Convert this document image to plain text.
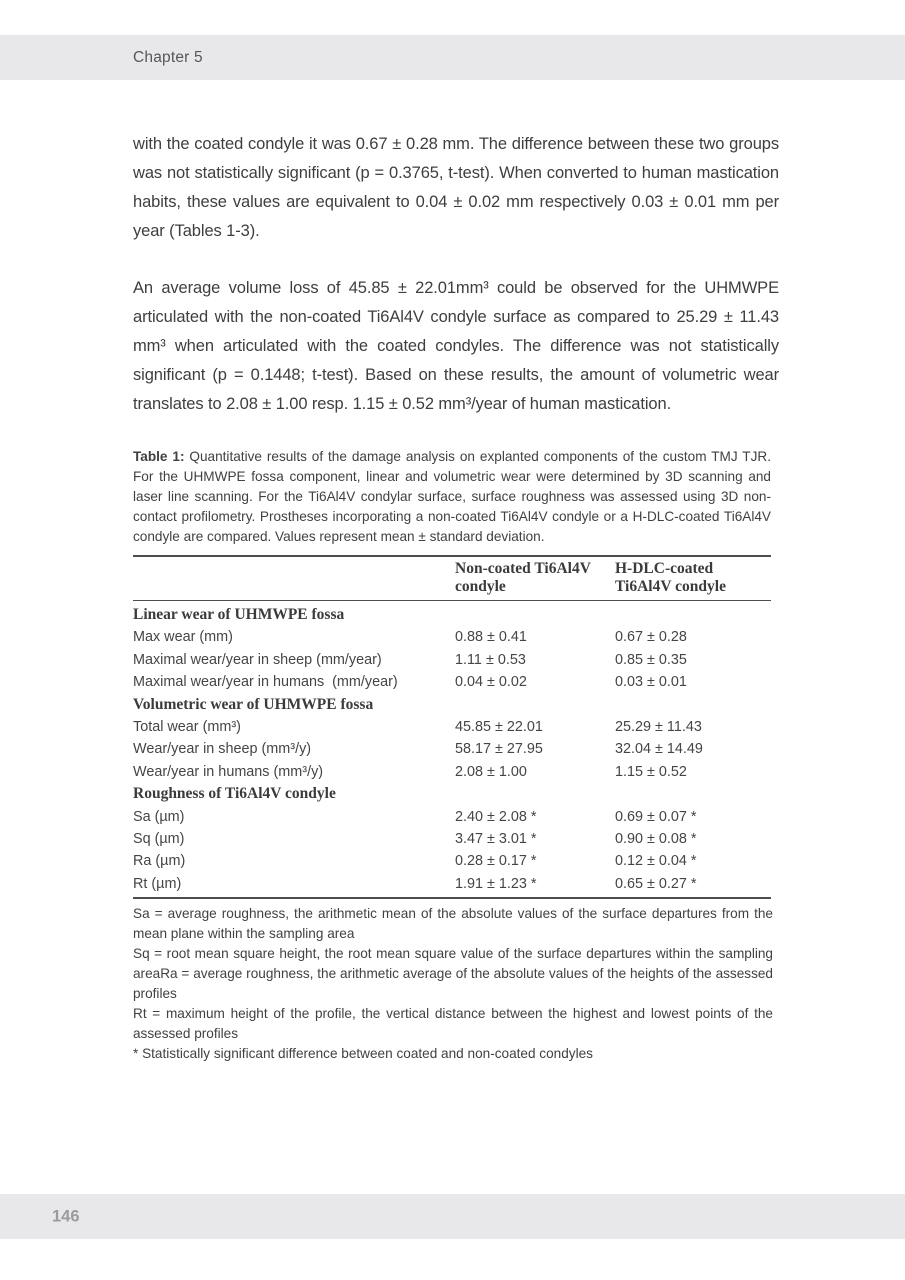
Chapter 5

with the coated condyle it was 0.67 ± 0.28 mm. The difference between these two groups was not statistically significant (p = 0.3765, t-test). When converted to human mastication habits, these values are equivalent to 0.04 ± 0.02 mm respectively 0.03 ± 0.01 mm per year (Tables 1-3).

An average volume loss of 45.85 ± 22.01mm³ could be observed for the UHMWPE articulated with the non-coated Ti6Al4V condyle surface as compared to 25.29 ± 11.43 mm³ when articulated with the coated condyles. The difference was not statistically significant (p = 0.1448; t-test). Based on these results, the amount of volumetric wear translates to 2.08 ± 1.00 resp. 1.15 ± 0.52 mm³/year of human mastication.

Table 1: Quantitative results of the damage analysis on explanted components of the custom TMJ TJR. For the UHMWPE fossa component, linear and volumetric wear were determined by 3D scanning and laser line scanning. For the Ti6Al4V condylar surface, surface roughness was assessed using 3D non-contact profilometry. Prostheses incorporating a non-coated Ti6Al4V condyle or a H-DLC-coated Ti6Al4V condyle are compared. Values represent mean ± standard deviation.

	Non-coated Ti6Al4V condyle	H-DLC-coated Ti6Al4V condyle
Linear wear of UHMWPE fossa		
Max wear (mm)	0.88 ± 0.41	0.67 ± 0.28
Maximal wear/year in sheep (mm/year)	1.11 ± 0.53	0.85 ± 0.35
Maximal wear/year in humans  (mm/year)	0.04 ± 0.02	0.03 ± 0.01
Volumetric wear of UHMWPE fossa		
Total wear (mm³)	45.85 ± 22.01	25.29 ± 11.43
Wear/year in sheep (mm³/y)	58.17 ± 27.95	32.04 ± 14.49
Wear/year in humans (mm³/y)	2.08 ± 1.00	1.15 ± 0.52
Roughness of Ti6Al4V condyle		
Sa (µm)	2.40 ± 2.08 *	0.69 ± 0.07 *
Sq (µm)	3.47 ± 3.01 *	0.90 ± 0.08 *
Ra (µm)	0.28 ± 0.17 *	0.12 ± 0.04 *
Rt (µm)	1.91 ± 1.23 *	0.65 ± 0.27 *

Sa = average roughness, the arithmetic mean of the absolute values of the surface departures from the mean plane within the sampling area

Sq = root mean square height, the root mean square value of the surface departures within the sampling areaRa = average roughness, the arithmetic average of the absolute values of the heights of the assessed profiles

Rt = maximum height of the profile, the vertical distance between the highest and lowest points of the assessed profiles

* Statistically significant difference between coated and non-coated condyles

146
